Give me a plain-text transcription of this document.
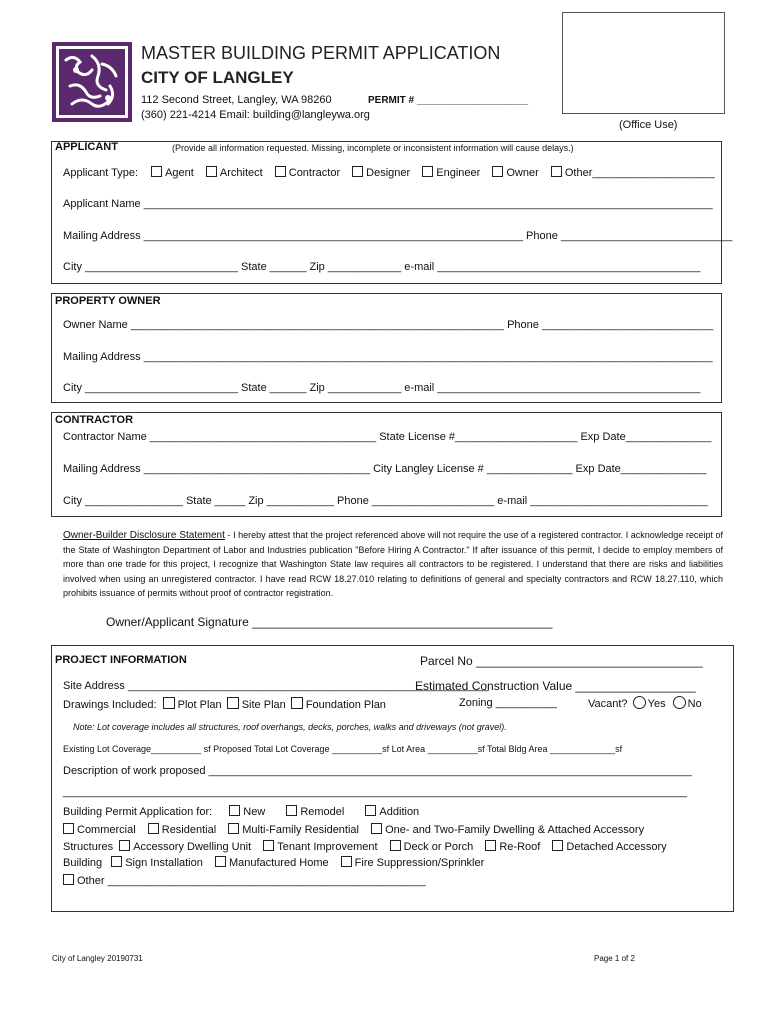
MASTER BUILDING PERMIT APPLICATION
CITY OF LANGLEY
112 Second Street, Langley, WA 98260	PERMIT # ____________________
(360) 221-4214 Email: building@langleywa.org
(Office Use)
APPLICANT	(Provide all information requested. Missing, incomplete or inconsistent information will cause delays.)
Applicant Type: Agent Architect Contractor Designer Engineer Owner Other____________________
Applicant Name _____________________________________________________________________________________________
Mailing Address ______________________________________________________________ Phone ____________________________
City _________________________ State ______ Zip ____________ e-mail ___________________________________________
PROPERTY OWNER
Owner Name _____________________________________________________________ Phone ____________________________
Mailing Address _____________________________________________________________________________________________
City _________________________ State ______ Zip ____________ e-mail ___________________________________________
CONTRACTOR
Contractor Name _____________________________________ State License #____________________ Exp Date______________
Mailing Address _____________________________________ City Langley License # ______________ Exp Date______________
City ________________ State _____ Zip ___________ Phone ____________________ e-mail _____________________________
Owner-Builder Disclosure Statement - I hereby attest that the project referenced above will not require the use of a registered contractor. I acknowledge receipt of the State of Washington Department of Labor and Industries publication "Before Hiring A Contractor." If after issuance of this permit, I decide to employ members of more than one trade for this project, I recognize that Washington State law requires all contractors to be registered. I understand that there are risks and liabilities involved when using an unregistered contractor. I have read RCW 18.27.010 relating to definitions of general and specialty contractors and RCW 18.27.110, which prohibits issuance of permits without proof of contractor registration.
Owner/Applicant Signature _____________________________________________
PROJECT INFORMATION	Parcel No __________________________________
Site Address ___________________________________________________________
Estimated Construction Value __________________
Drawings Included: Plot Plan Site Plan Foundation Plan	Zoning __________	Vacant? Yes No
Note: Lot coverage includes all structures, roof overhangs, decks, porches, walks and driveways (not gravel).
Existing Lot Coverage__________ sf Proposed Total Lot Coverage __________sf Lot Area __________sf Total Bldg Area _____________sf
Description of work proposed _______________________________________________________________________________
______________________________________________________________________________________________________
Building Permit Application for:	New	Remodel	Addition
Commercial Residential Multi-Family Residential One- and Two-Family Dwelling & Attached Accessory
Structures Accessory Dwelling Unit Tenant Improvement Deck or Porch Re-Roof Detached Accessory
Building Sign Installation Manufactured Home Fire Suppression/Sprinkler
Other ____________________________________________________
City of Langley 20190731	Page 1 of 2
